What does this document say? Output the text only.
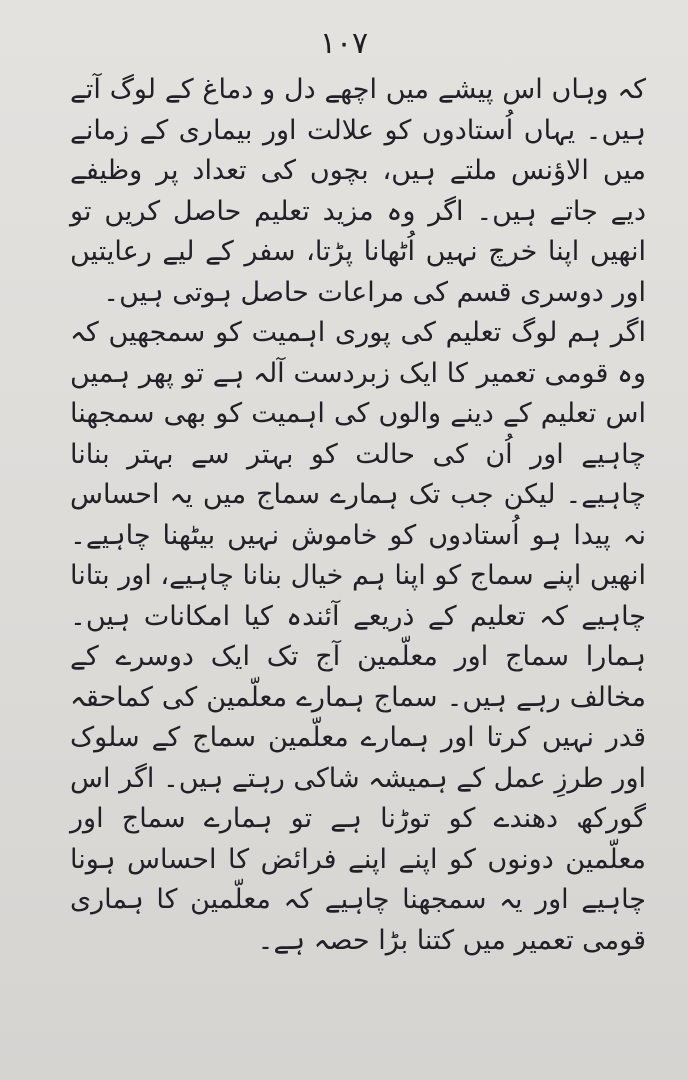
۱۰۷

کہ وہاں اس پیشے میں اچھے دل و دماغ کے لوگ آتے ہیں۔ یہاں اُستادوں کو علالت اور بیماری کے زمانے میں الاؤنس ملتے ہیں، بچوں کی تعداد پر وظیفے دیے جاتے ہیں۔ اگر وہ مزید تعلیم حاصل کریں تو انھیں اپنا خرچ نہیں اُٹھانا پڑتا، سفر کے لیے رعایتیں اور دوسری قسم کی مراعات حاصل ہوتی ہیں۔

اگر ہم لوگ تعلیم کی پوری اہمیت کو سمجھیں کہ وہ قومی تعمیر کا ایک زبردست آلہ ہے تو پھر ہمیں اس تعلیم کے دینے والوں کی اہمیت کو بھی سمجھنا چاہیے اور اُن کی حالت کو بہتر سے بہتر بنانا چاہیے۔ لیکن جب تک ہمارے سماج میں یہ احساس نہ پیدا ہو اُستادوں کو خاموش نہیں بیٹھنا چاہیے۔ انھیں اپنے سماج کو اپنا ہم خیال بنانا چاہیے، اور بتانا چاہیے کہ تعلیم کے ذریعے آئندہ کیا امکانات ہیں۔ ہمارا سماج اور معلّمین آج تک ایک دوسرے کے مخالف رہے ہیں۔ سماج ہمارے معلّمین کی کماحقہ قدر نہیں کرتا اور ہمارے معلّمین سماج کے سلوک اور طرزِ عمل کے ہمیشہ شاکی رہتے ہیں۔ اگر اس گورکھ دھندے کو توڑنا ہے تو ہمارے سماج اور معلّمین دونوں کو اپنے اپنے فرائض کا احساس ہونا چاہیے اور یہ سمجھنا چاہیے کہ معلّمین کا ہماری قومی تعمیر میں کتنا بڑا حصہ ہے۔
